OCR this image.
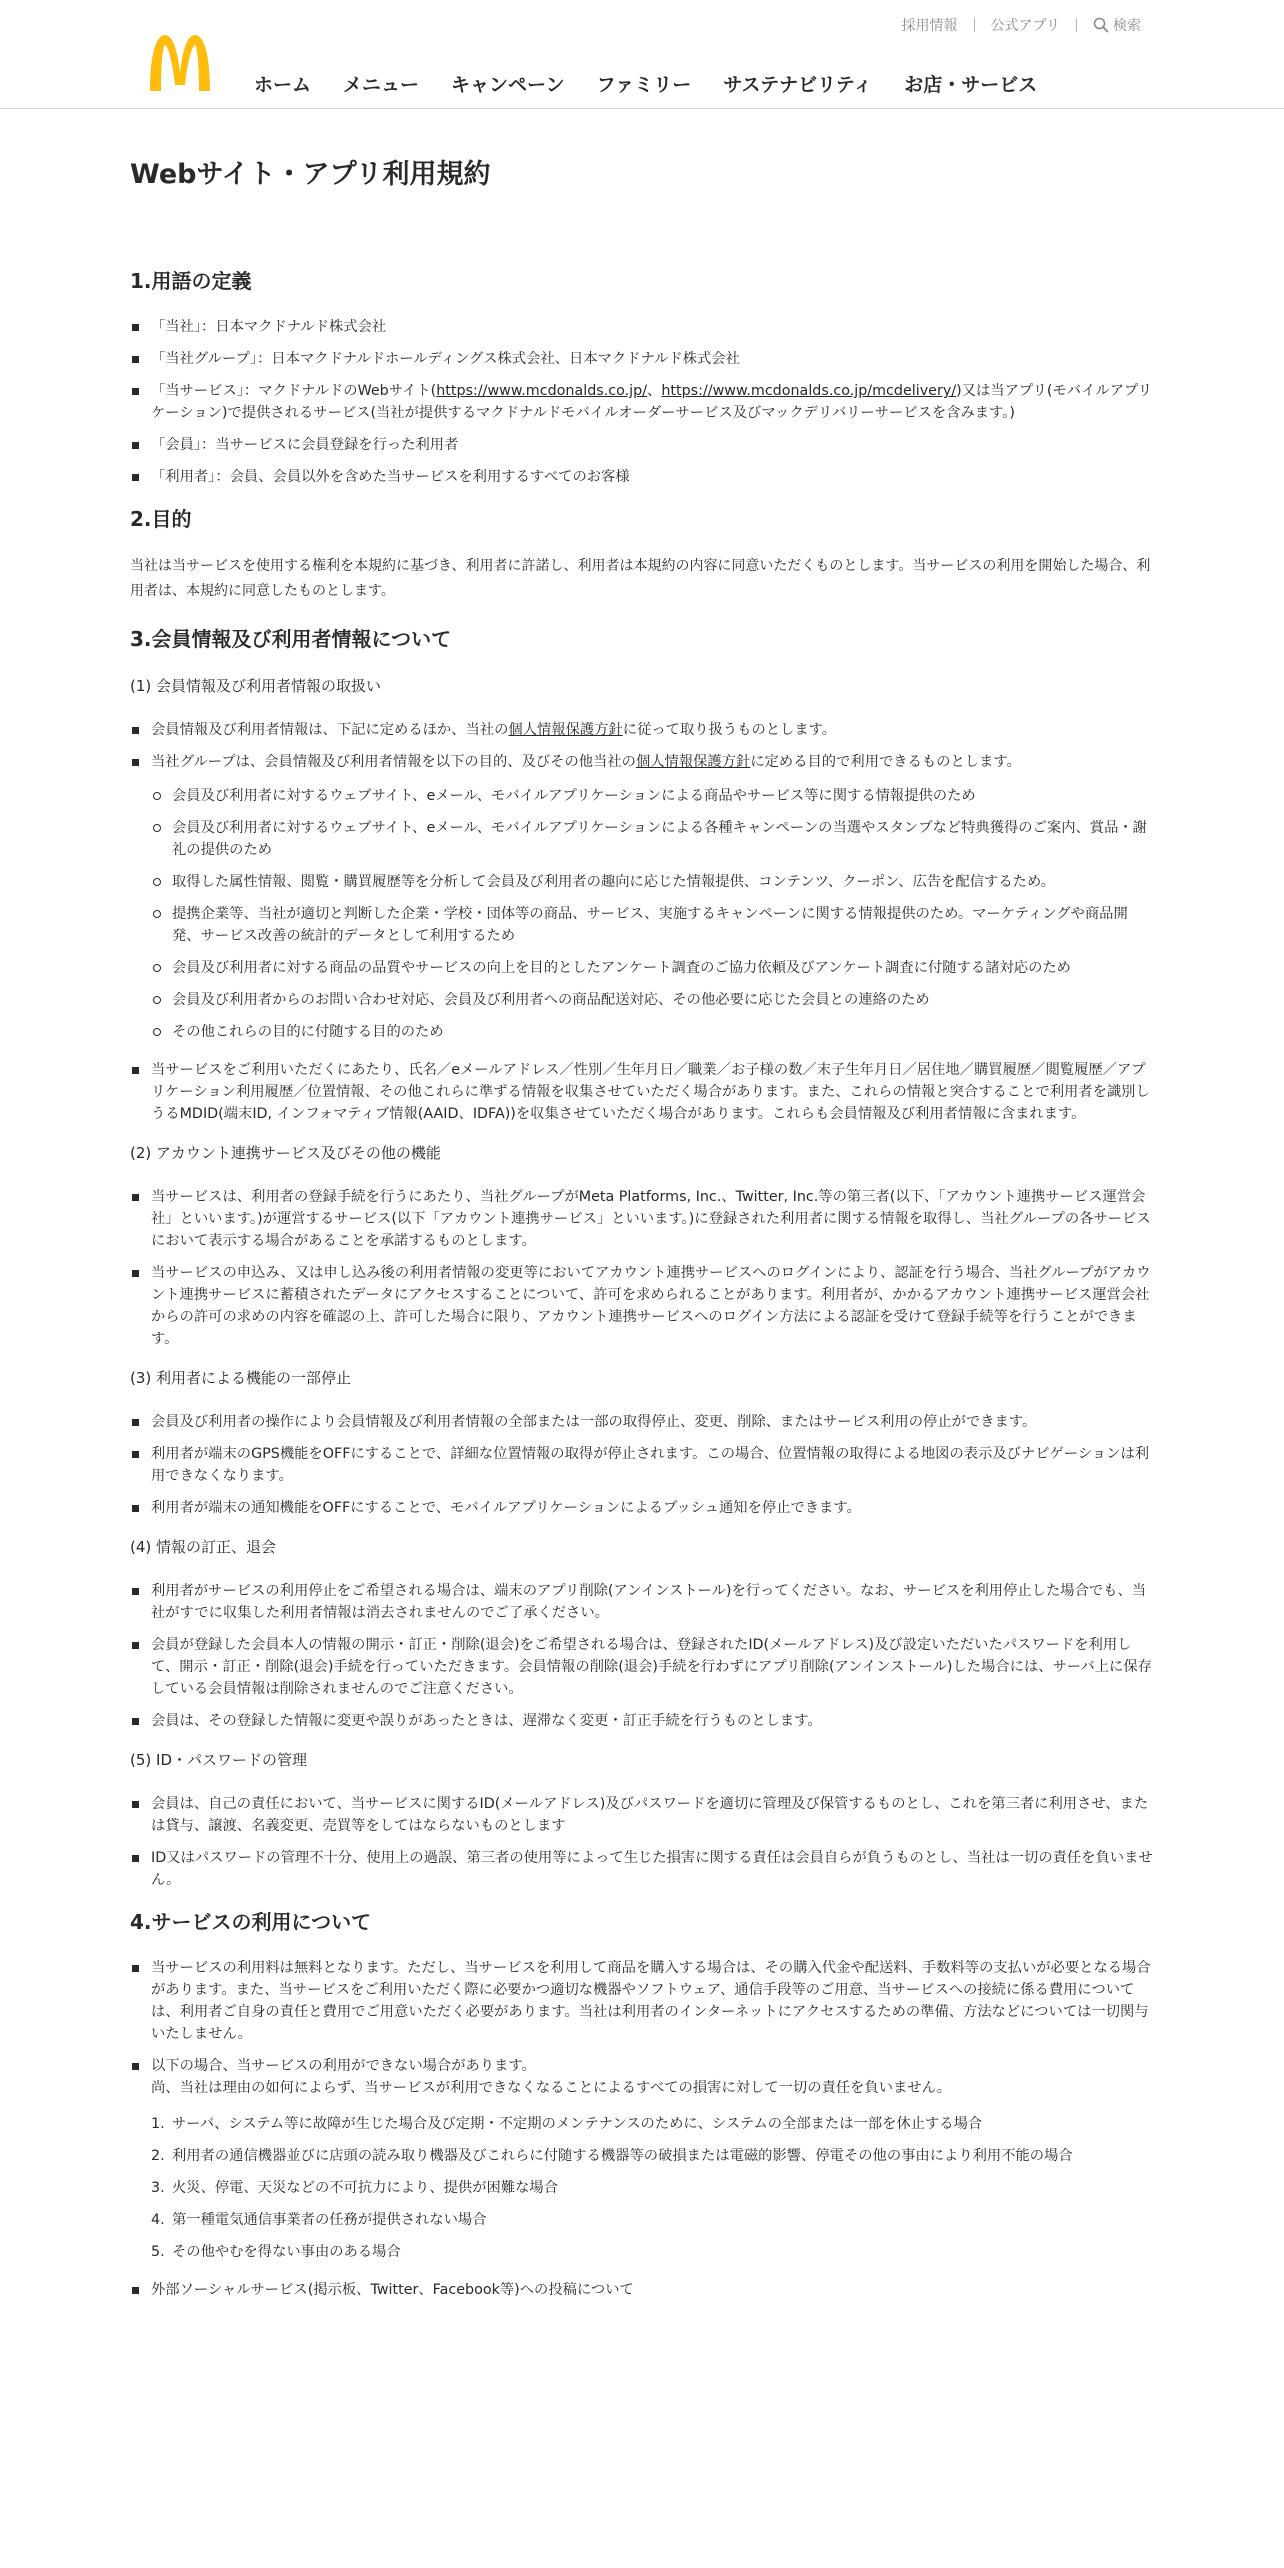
採用情報 公式アプリ	検索
ホーム メニュー キャンペーン ファミリー サステナビリティ お店・サービス
Webサイト・アプリ利用規約
1.用語の定義
「当社」：日本マクドナルド株式会社
「当社グループ」：日本マクドナルドホールディングス株式会社、日本マクドナルド株式会社
「当サービス」：マクドナルドのWebサイト(https://www.mcdonalds.co.jp/、https://www.mcdonalds.co.jp/mcdelivery/)又は当アプリ(モバイルアプリケーション)で提供されるサービス(当社が提供するマクドナルドモバイルオーダーサービス及びマックデリバリーサービスを含みます。)
「会員」：当サービスに会員登録を行った利用者
「利用者」：会員、会員以外を含めた当サービスを利用するすべてのお客様
2.目的

当社は当サービスを使用する権利を本規約に基づき、利用者に許諾し、利用者は本規約の内容に同意いただくものとします。当サービスの利用を開始した場合、利用者は、本規約に同意したものとします。

3.会員情報及び利用者情報について

(1) 会員情報及び利用者情報の取扱い

会員情報及び利用者情報は、下記に定めるほか、当社の個人情報保護方針に従って取り扱うものとします。
当社グループは、会員情報及び利用者情報を以下の目的、及びその他当社の個人情報保護方針に定める目的で利用できるものとします。
会員及び利用者に対するウェブサイト、eメール、モバイルアプリケーションによる商品やサービス等に関する情報提供のため
会員及び利用者に対するウェブサイト、eメール、モバイルアプリケーションによる各種キャンペーンの当選やスタンプなど特典獲得のご案内、賞品・謝礼の提供のため
取得した属性情報、閲覧・購買履歴等を分析して会員及び利用者の趣向に応じた情報提供、コンテンツ、クーポン、広告を配信するため。
提携企業等、当社が適切と判断した企業・学校・団体等の商品、サービス、実施するキャンペーンに関する情報提供のため。マーケティングや商品開発、サービス改善の統計的データとして利用するため
会員及び利用者に対する商品の品質やサービスの向上を目的としたアンケート調査のご協力依頼及びアンケート調査に付随する諸対応のため
会員及び利用者からのお問い合わせ対応、会員及び利用者への商品配送対応、その他必要に応じた会員との連絡のため
その他これらの目的に付随する目的のため
当サービスをご利用いただくにあたり、氏名／eメールアドレス／性別／生年月日／職業／お子様の数／末子生年月日／居住地／購買履歴／閲覧履歴／アプリケーション利用履歴／位置情報、その他これらに準ずる情報を収集させていただく場合があります。また、これらの情報と突合することで利用者を識別しうるMDID(端末ID, インフォマティブ情報(AAID、IDFA))を収集させていただく場合があります。これらも会員情報及び利用者情報に含まれます。

(2) アカウント連携サービス及びその他の機能

当サービスは、利用者の登録手続を行うにあたり、当社グループがMeta Platforms, Inc.、Twitter, Inc.等の第三者(以下、「アカウント連携サービス運営会社」といいます。)が運営するサービス(以下「アカウント連携サービス」といいます。)に登録された利用者に関する情報を取得し、当社グループの各サービスにおいて表示する場合があることを承諾するものとします。
当サービスの申込み、又は申し込み後の利用者情報の変更等においてアカウント連携サービスへのログインにより、認証を行う場合、当社グループがアカウント連携サービスに蓄積されたデータにアクセスすることについて、許可を求められることがあります。利用者が、かかるアカウント連携サービス運営会社からの許可の求めの内容を確認の上、許可した場合に限り、アカウント連携サービスへのログイン方法による認証を受けて登録手続等を行うことができます。

(3) 利用者による機能の一部停止

会員及び利用者の操作により会員情報及び利用者情報の全部または一部の取得停止、変更、削除、またはサービス利用の停止ができます。
利用者が端末のGPS機能をOFFにすることで、詳細な位置情報の取得が停止されます。この場合、位置情報の取得による地図の表示及びナビゲーションは利用できなくなります。
利用者が端末の通知機能をOFFにすることで、モバイルアプリケーションによるプッシュ通知を停止できます。

(4) 情報の訂正、退会

利用者がサービスの利用停止をご希望される場合は、端末のアプリ削除(アンインストール)を行ってください。なお、サービスを利用停止した場合でも、当社がすでに収集した利用者情報は消去されませんのでご了承ください。
会員が登録した会員本人の情報の開示・訂正・削除(退会)をご希望される場合は、登録されたID(メールアドレス)及び設定いただいたパスワードを利用して、開示・訂正・削除(退会)手続を行っていただきます。会員情報の削除(退会)手続を行わずにアプリ削除(アンインストール)した場合には、サーバ上に保存している会員情報は削除されませんのでご注意ください。
会員は、その登録した情報に変更や誤りがあったときは、遅滞なく変更・訂正手続を行うものとします。

(5) ID・パスワードの管理

会員は、自己の責任において、当サービスに関するID(メールアドレス)及びパスワードを適切に管理及び保管するものとし、これを第三者に利用させ、または貸与、譲渡、名義変更、売買等をしてはならないものとします
ID又はパスワードの管理不十分、使用上の過誤、第三者の使用等によって生じた損害に関する責任は会員自らが負うものとし、当社は一切の責任を負いません。
4.サービスの利用について
当サービスの利用料は無料となります。ただし、当サービスを利用して商品を購入する場合は、その購入代金や配送料、手数料等の支払いが必要となる場合があります。また、当サービスをご利用いただく際に必要かつ適切な機器やソフトウェア、通信手段等のご用意、当サービスへの接続に係る費用については、利用者ご自身の責任と費用でご用意いただく必要があります。当社は利用者のインターネットにアクセスするための準備、方法などについては一切関与いたしません。
以下の場合、当サービスの利用ができない場合があります。
尚、当社は理由の如何によらず、当サービスが利用できなくなることによるすべての損害に対して一切の責任を負いません。
1. サーバ、システム等に故障が生じた場合及び定期・不定期のメンテナンスのために、システムの全部または一部を休止する場合
2. 利用者の通信機器並びに店頭の読み取り機器及びこれらに付随する機器等の破損または電磁的影響、停電その他の事由により利用不能の場合
3. 火災、停電、天災などの不可抗力により、提供が困難な場合
4. 第一種電気通信事業者の任務が提供されない場合
5. その他やむを得ない事由のある場合
外部ソーシャルサービス(掲示板、Twitter、Facebook等)への投稿について
